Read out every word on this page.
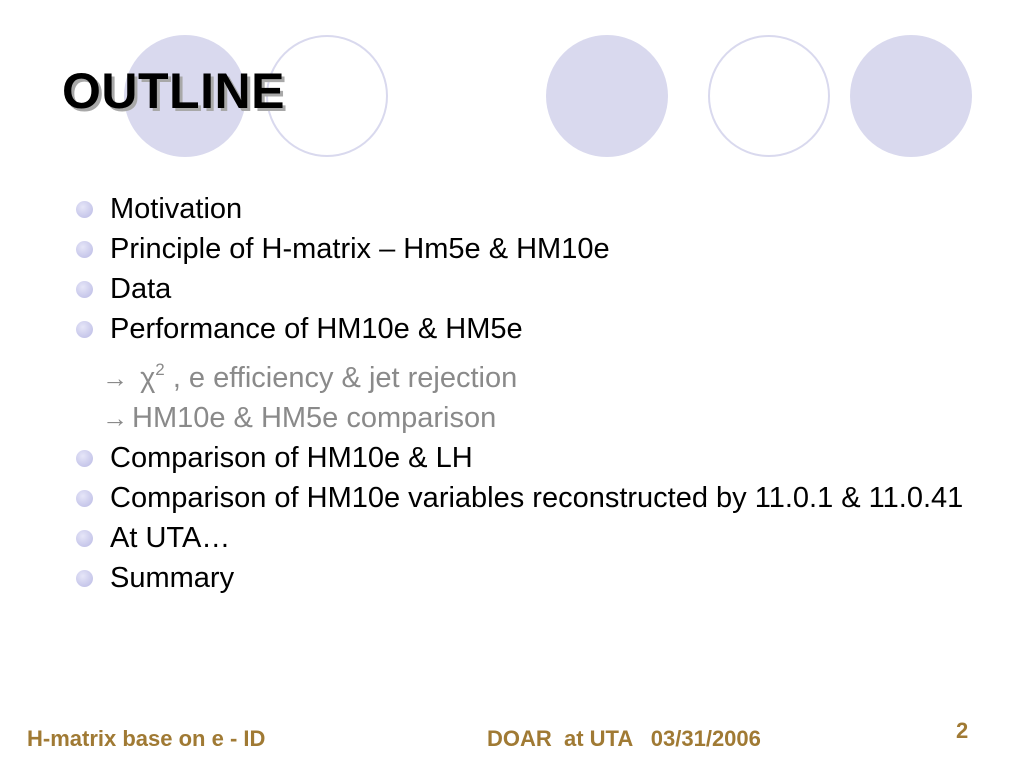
OUTLINE
Motivation
Principle of H-matrix – Hm5e & HM10e
Data
Performance of HM10e & HM5e
→ $\chi^2$ , e efficiency & jet rejection
→ HM10e & HM5e comparison
Comparison of HM10e & LH
Comparison of HM10e variables reconstructed by 11.0.1 & 11.0.41
At UTA…
Summary
H-matrix base on e - ID	DOAR  at UTA   03/31/2006	2
